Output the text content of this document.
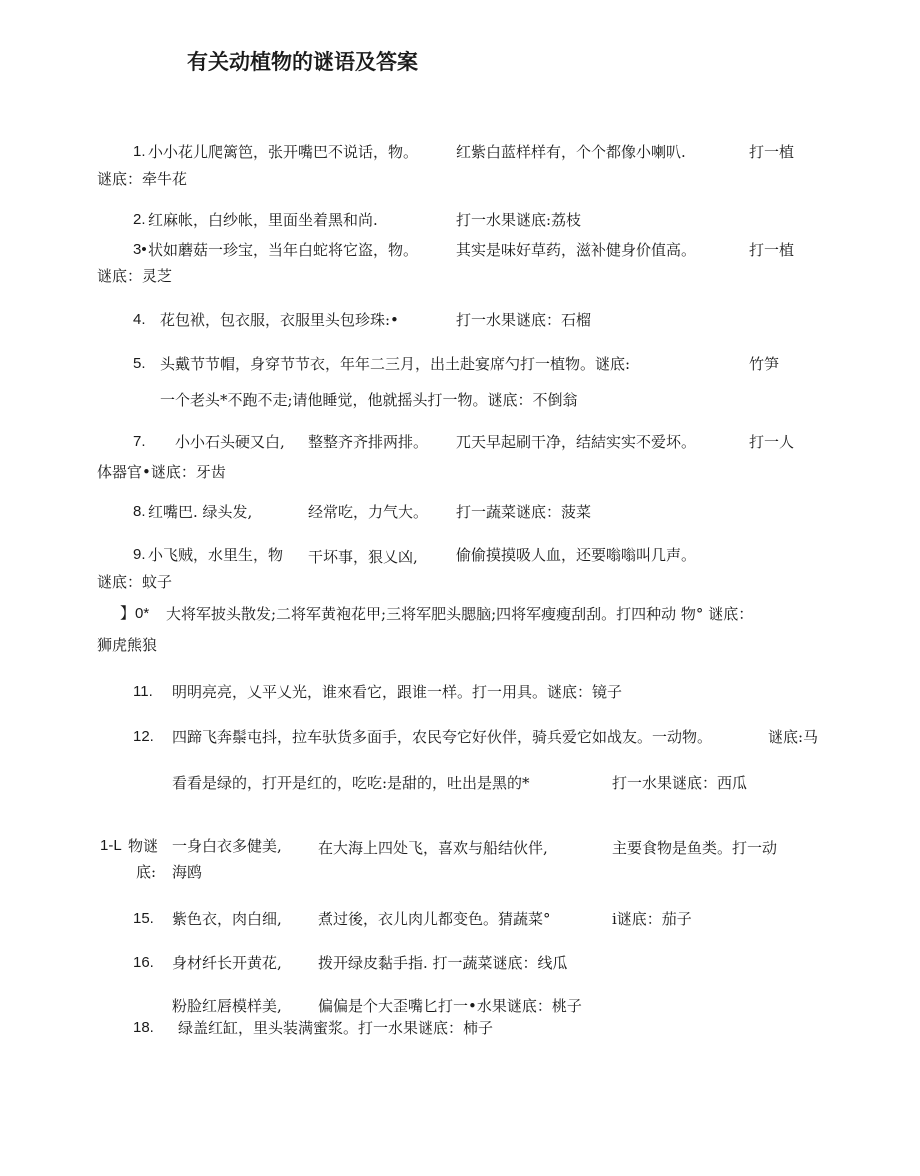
有关动植物的谜语及答案
1. 小小花儿爬篱笆，张开嘴巴不说话，物。	红紫白蓝样样有，个个都像小喇叭.	打一植
谜底：牵牛花
2. 红麻帐，白纱帐，里面坐着黑和尚.	打一水果谜底:荔枝
3• 状如蘑菇一珍宝，当年白蛇将它盗，物。	其实是味好草药，滋补健身价值高。	打一植
谜底：灵芝
4. 花包袱，包衣服，衣服里头包珍珠:•	打一水果谜底：石榴
5. 头戴节节帽，身穿节节衣，年年二三月，出土赴宴席勺打一植物。谜底:	竹笋
一个老头*不跑不走;请他睡觉，他就摇头打一物。谜底：不倒翁
7. 小小石头硬又白, 整整齐齐排两排。 兀天早起刷干净，结結实实不爱坏。	打一人
体器官•谜底：牙齿
8. 红嘴巴. 绿头发,	经常吃，力气大。 打一蔬菜谜底：菠菜
9. 小飞贼，水里生，物 干坏事，狠乂凶,	偷偷摸摸吸人血，还要嗡嗡叫几声。
谜底：蚊子
】0* 大将军披头散发;二将军黄袍花甲;三将军肥头腮脑;四将军瘦瘦刮刮。打四种动 物° 谜底：
狮虎熊狼
11. 明明亮亮，乂平乂光，谁來看它，跟谁一样。打一用具。谜底：镜子
12. 四蹄飞奔鬃屯抖，拉车驮货多面手，农民夸它好伙伴，骑兵爱它如战友。一动物。	谜底:马
看看是绿的，打开是红的，吃吃:是甜的，吐出是黑的*	打一水果谜底：西瓜
1-L 物谜 一身白衣多健美, 在大海上四处飞，喜欢与船结伙伴,	主要食物是鱼类。打一动
底: 海鸥
15. 紫色衣，肉白细, 煮过後，衣儿肉儿都变色。猜蔬菜°	i谜底：茄子
16. 身材纤长开黄花, 拨开绿皮黏手指. 打一蔬菜谜底：线瓜
粉脸红唇模样美, 偏偏是个大歪嘴匕打一•水果谜底：桃子
18. 绿盖红缸，里头装满蜜浆。打一水果谜底：柿子
